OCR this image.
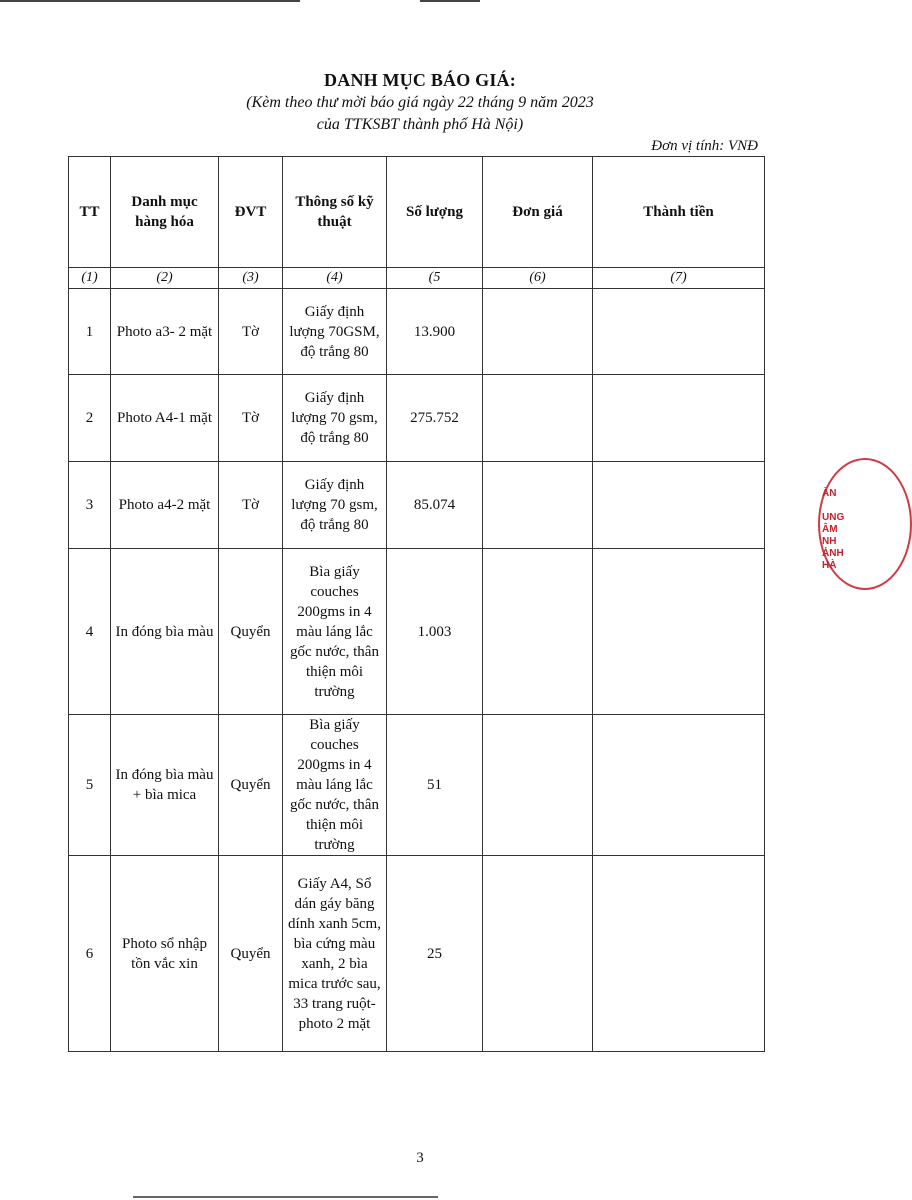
DANH MỤC BÁO GIÁ:
(Kèm theo thư mời báo giá ngày 22 tháng 9 năm 2023
của TTKSBT thành phố Hà Nội)
Đơn vị tính: VNĐ
TT	Danh mục hàng hóa	ĐVT	Thông số kỹ thuật	Số lượng	Đơn giá	Thành tiền
(1)	(2)	(3)	(4)	(5	(6)	(7)
1	Photo a3- 2 mặt	Tờ	Giấy định lượng 70GSM, độ trắng 80	13.900		
2	Photo A4-1 mặt	Tờ	Giấy định lượng 70 gsm, độ trắng 80	275.752		
3	Photo a4-2 mặt	Tờ	Giấy định lượng 70 gsm, độ trắng 80	85.074		
4	In đóng bìa màu	Quyển	Bìa giấy couches 200gms in 4 màu láng lắc gốc nước, thân thiện môi trường	1.003		
5	In đóng bìa màu + bìa mica	Quyển	Bìa giấy couches 200gms in 4 màu láng lắc gốc nước, thân thiện môi trường	51		
6	Photo sổ nhập tồn vắc xin	Quyển	Giấy A4, Sổ dán gáy băng dính xanh 5cm, bìa cứng màu xanh, 2 bìa mica trước sau, 33 trang ruột- photo 2 mặt	25		
ÀN

UNG
ÂM
NH
ẢNH
HÀ
3
